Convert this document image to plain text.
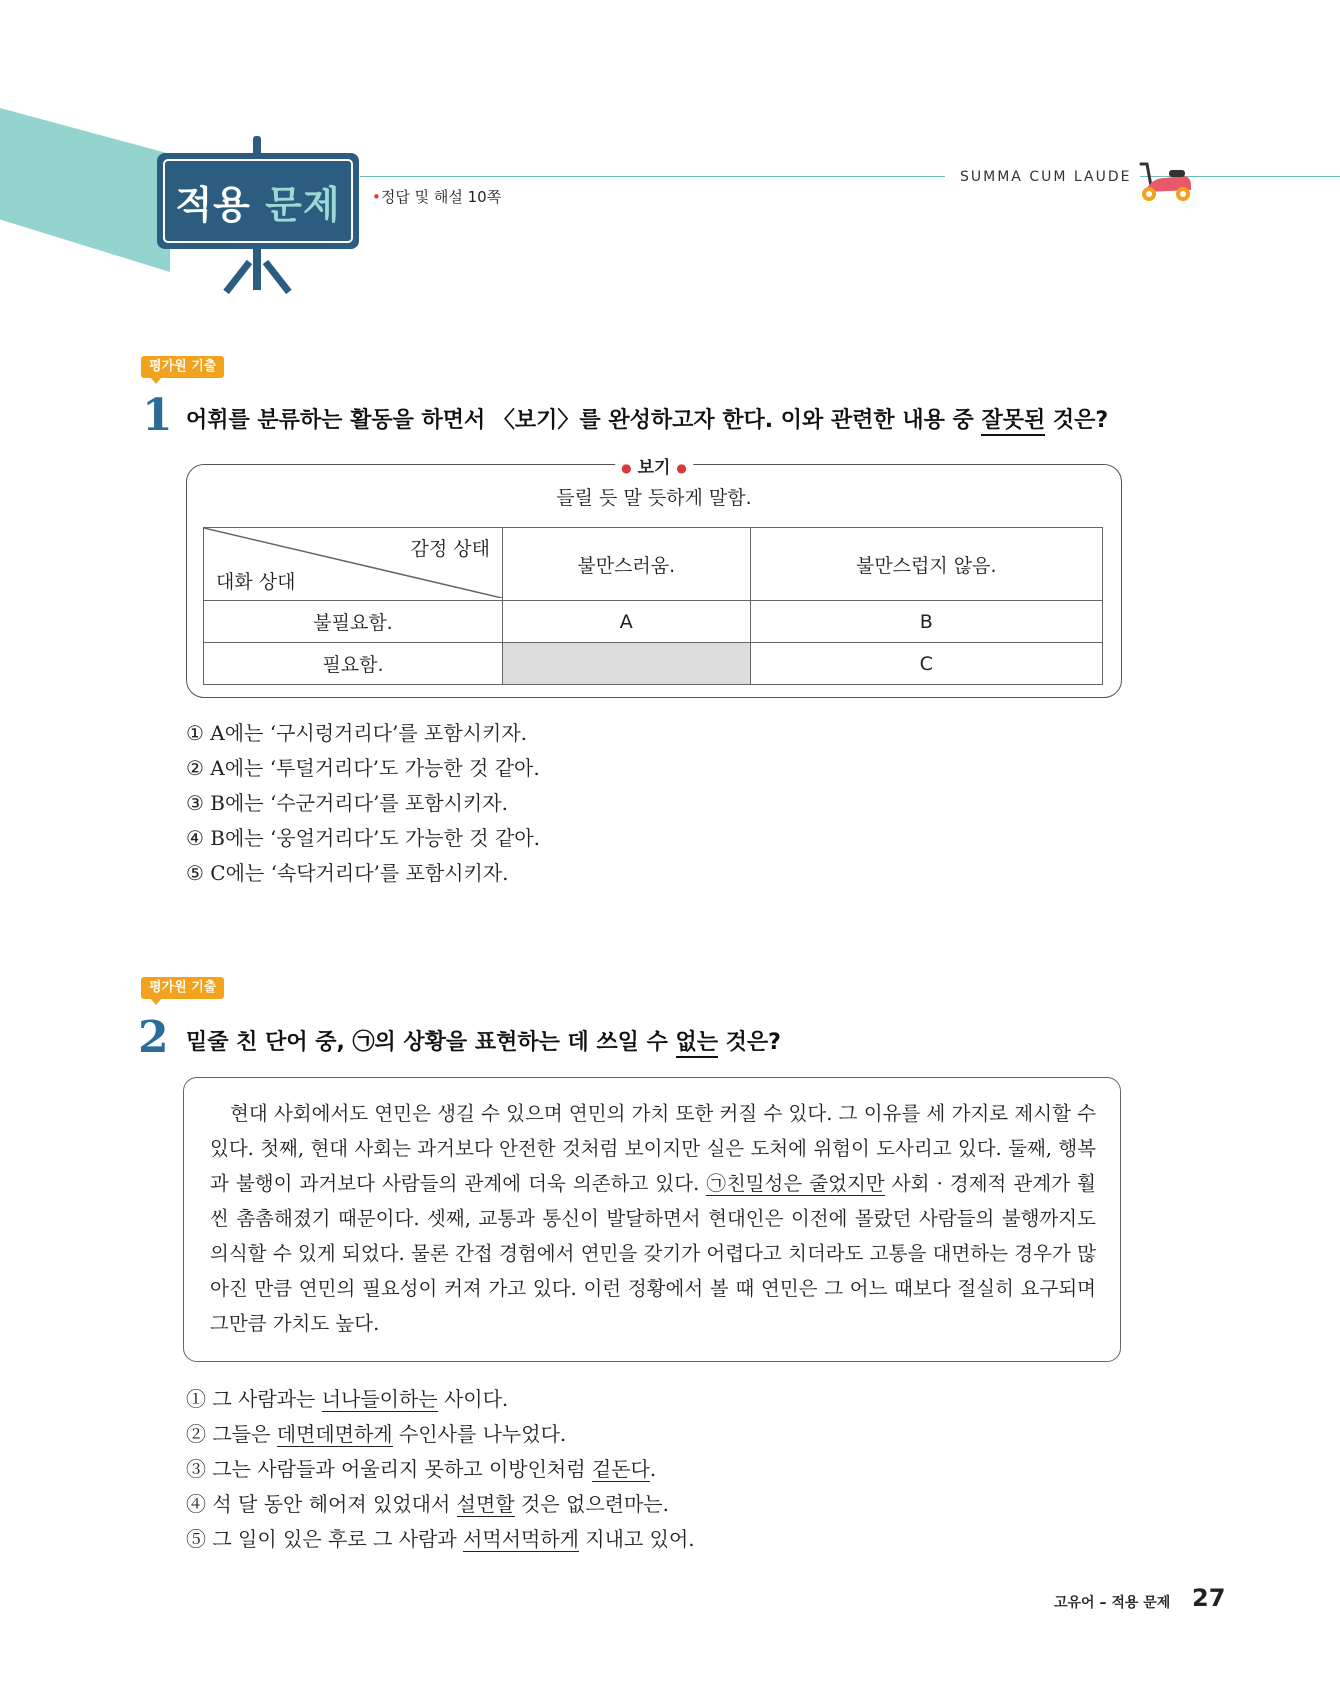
적용 문제 •정답 및 해설 10쪽
SUMMA CUM LAUDE
평가원 기출
1 어휘를 분류하는 활동을 하면서 〈보기〉를 완성하고자 한다. 이와 관련한 내용 중 잘못된 것은?
● 보기 ●
들릴 듯 말 듯하게 말함.
감정 상태
대화 상대	불만스러움.	불만스럽지 않음.
불필요함.	A	B
필요함.		C
① A에는 ‘구시렁거리다’를 포함시키자.
② A에는 ‘투덜거리다’도 가능한 것 같아.
③ B에는 ‘수군거리다’를 포함시키자.
④ B에는 ‘웅얼거리다’도 가능한 것 같아.
⑤ C에는 ‘속닥거리다’를 포함시키자.
평가원 기출
2 밑줄 친 단어 중, ㉠의 상황을 표현하는 데 쓰일 수 없는 것은?
현대 사회에서도 연민은 생길 수 있으며 연민의 가치 또한 커질 수 있다. 그 이유를 세 가지로 제시할 수 있다. 첫째, 현대 사회는 과거보다 안전한 것처럼 보이지만 실은 도처에 위험이 도사리고 있다. 둘째, 행복과 불행이 과거보다 사람들의 관계에 더욱 의존하고 있다. ㉠친밀성은 줄었지만 사회 · 경제적 관계가 훨씬 촘촘해졌기 때문이다. 셋째, 교통과 통신이 발달하면서 현대인은 이전에 몰랐던 사람들의 불행까지도 의식할 수 있게 되었다. 물론 간접 경험에서 연민을 갖기가 어렵다고 치더라도 고통을 대면하는 경우가 많아진 만큼 연민의 필요성이 커져 가고 있다. 이런 정황에서 볼 때 연민은 그 어느 때보다 절실히 요구되며 그만큼 가치도 높다.
① 그 사람과는 너나들이하는 사이다.
② 그들은 데면데면하게 수인사를 나누었다.
③ 그는 사람들과 어울리지 못하고 이방인처럼 겉돈다.
④ 석 달 동안 헤어져 있었대서 설면할 것은 없으련마는.
⑤ 그 일이 있은 후로 그 사람과 서먹서먹하게 지내고 있어.
고유어 – 적용 문제 27
